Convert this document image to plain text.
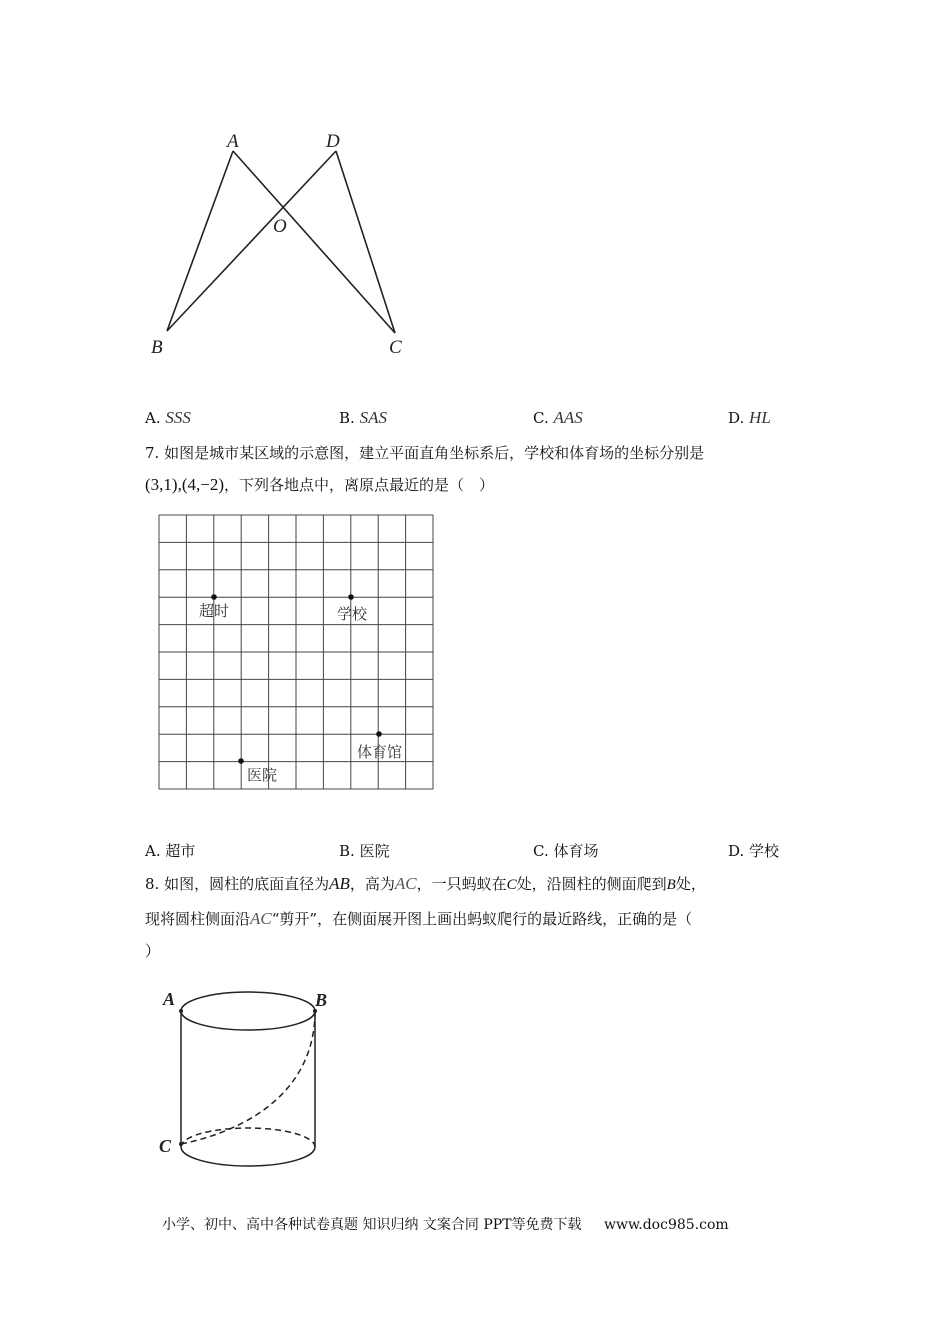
A	D
O
B	C
A. SSS	B. SAS	C. AAS	D. HL
7. 如图是城市某区域的示意图，建立平面直角坐标系后，学校和体育场的坐标分别是
(3,1),(4,−2)，下列各地点中，离原点最近的是（　）
超时	学校
体育馆
医院
A. 超市	B. 医院	C. 体育场	D. 学校
8. 如图，圆柱的底面直径为AB，高为AC，一只蚂蚁在C处，沿圆柱的侧面爬到B处，
现将圆柱侧面沿AC“剪开”，在侧面展开图上画出蚂蚁爬行的最近路线，正确的是（
）
A	B
C
小学、初中、高中各种试卷真题 知识归纳 文案合同 PPT等免费下载 www.doc985.com
